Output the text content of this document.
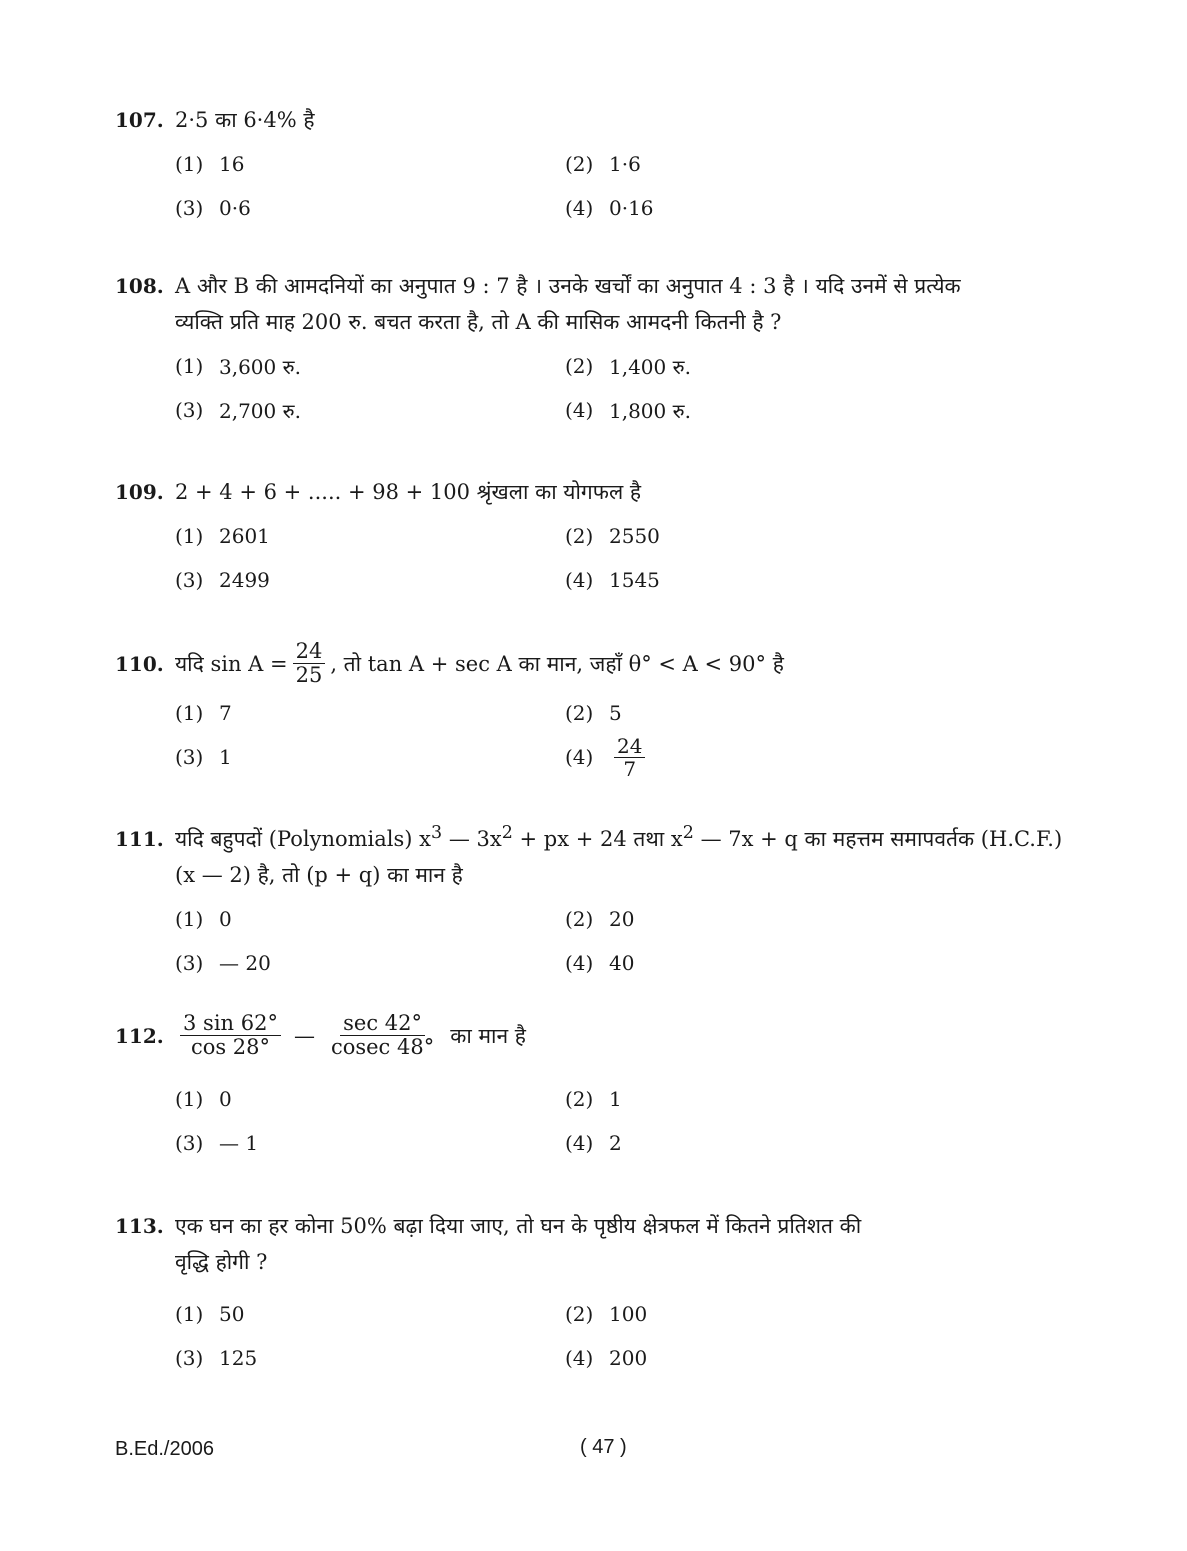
107. 2·5 का 6·4% है
(1) 16	(2) 1·6
(3) 0·6	(4) 0·16
108. A और B की आमदनियों का अनुपात 9 : 7 है । उनके खर्चों का अनुपात 4 : 3 है । यदि उनमें से प्रत्येक
व्यक्ति प्रति माह 200 रु. बचत करता है, तो A की मासिक आमदनी कितनी है ?
(1) 3,600 रु.	(2) 1,400 रु.
(3) 2,700 रु.	(4) 1,800 रु.
109. 2 + 4 + 6 + ..... + 98 + 100 श्रृंखला का योगफल है
(1) 2601	(2) 2550
(3) 2499	(4) 1545
110. यदि $\sin A = \frac{24}{25}$ , तो tan A + sec A का मान, जहाँ θ° < A < 90° है
(1) 7	(2) 5
(3) 1	(4)	$\frac{24}{7}$
111. यदि बहुपदों (Polynomials) $x^3$ — $3x^2$ + px + 24 तथा $x^2$ — 7x + q का महत्तम समापवर्तक (H.C.F.)
(x — 2) है, तो (p + q) का मान है
(1) 0	(2) 20
(3) — 20	(4) 40
112. $\frac{3 \sin 62^\circ}{\cos 28^\circ}$ — $\frac{\sec 42^\circ}{cosec 48^\circ}$ का मान है
(1) 0	(2) 1
(3) — 1	(4) 2
113. एक घन का हर कोना 50% बढ़ा दिया जाए, तो घन के पृष्ठीय क्षेत्रफल में कितने प्रतिशत की
वृद्धि होगी ?
(1) 50	(2) 100
(3) 125	(4) 200
B.Ed./2006	( 47 )
